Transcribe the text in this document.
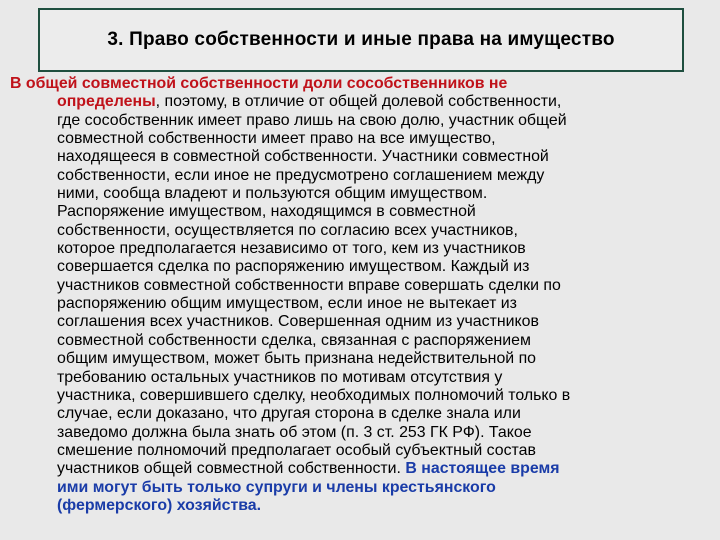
3. Право собственности и иные права на имущество
В общей совместной собственности доли сособственников не
определены, поэтому, в отличие от общей долевой собственности,
где сособственник имеет право лишь на свою долю, участник общей
совместной собственности имеет право на все имущество,
находящееся в совместной собственности. Участники совместной
собственности, если иное не предусмотрено соглашением между
ними, сообща владеют и пользуются общим имуществом.
Распоряжение имуществом, находящимся в совместной
собственности, осуществляется по согласию всех участников,
которое предполагается независимо от того, кем из участников
совершается сделка по распоряжению имуществом. Каждый из
участников совместной собственности вправе совершать сделки по
распоряжению общим имуществом, если иное не вытекает из
соглашения всех участников. Совершенная одним из участников
совместной собственности сделка, связанная с распоряжением
общим имуществом, может быть признана недействительной по
требованию остальных участников по мотивам отсутствия у
участника, совершившего сделку, необходимых полномочий только в
случае, если доказано, что другая сторона в сделке знала или
заведомо должна была знать об этом (п. 3 ст. 253 ГК РФ). Такое
смешение полномочий предполагает особый субъектный состав
участников общей совместной собственности. В настоящее время
ими могут быть только супруги и члены крестьянского
(фермерского) хозяйства.
